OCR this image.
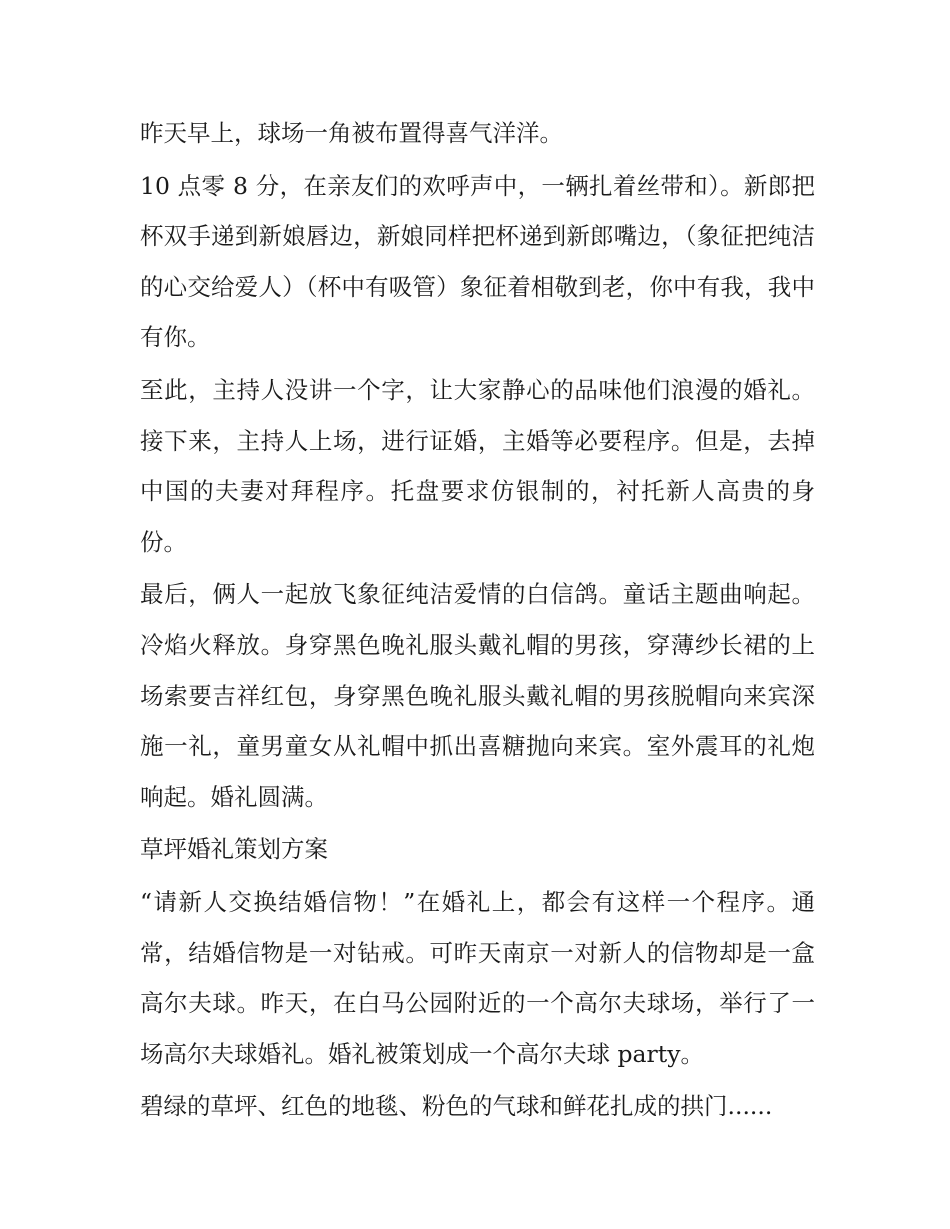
昨天早上，球场一角被布置得喜气洋洋。

10 点零 8 分，在亲友们的欢呼声中，一辆扎着丝带和）。新郎把杯双手递到新娘唇边，新娘同样把杯递到新郎嘴边，（象征把纯洁的心交给爱人）（杯中有吸管）象征着相敬到老，你中有我，我中有你。

至此，主持人没讲一个字，让大家静心的品味他们浪漫的婚礼。接下来，主持人上场，进行证婚，主婚等必要程序。但是，去掉中国的夫妻对拜程序。托盘要求仿银制的，衬托新人高贵的身份。

最后，俩人一起放飞象征纯洁爱情的白信鸽。童话主题曲响起。冷焰火释放。身穿黑色晚礼服头戴礼帽的男孩，穿薄纱长裙的上场索要吉祥红包，身穿黑色晚礼服头戴礼帽的男孩脱帽向来宾深施一礼，童男童女从礼帽中抓出喜糖抛向来宾。室外震耳的礼炮响起。婚礼圆满。

草坪婚礼策划方案

“请新人交换结婚信物！”在婚礼上，都会有这样一个程序。通常，结婚信物是一对钻戒。可昨天南京一对新人的信物却是一盒高尔夫球。昨天，在白马公园附近的一个高尔夫球场，举行了一场高尔夫球婚礼。婚礼被策划成一个高尔夫球 party。

碧绿的草坪、红色的地毯、粉色的气球和鲜花扎成的拱门......
